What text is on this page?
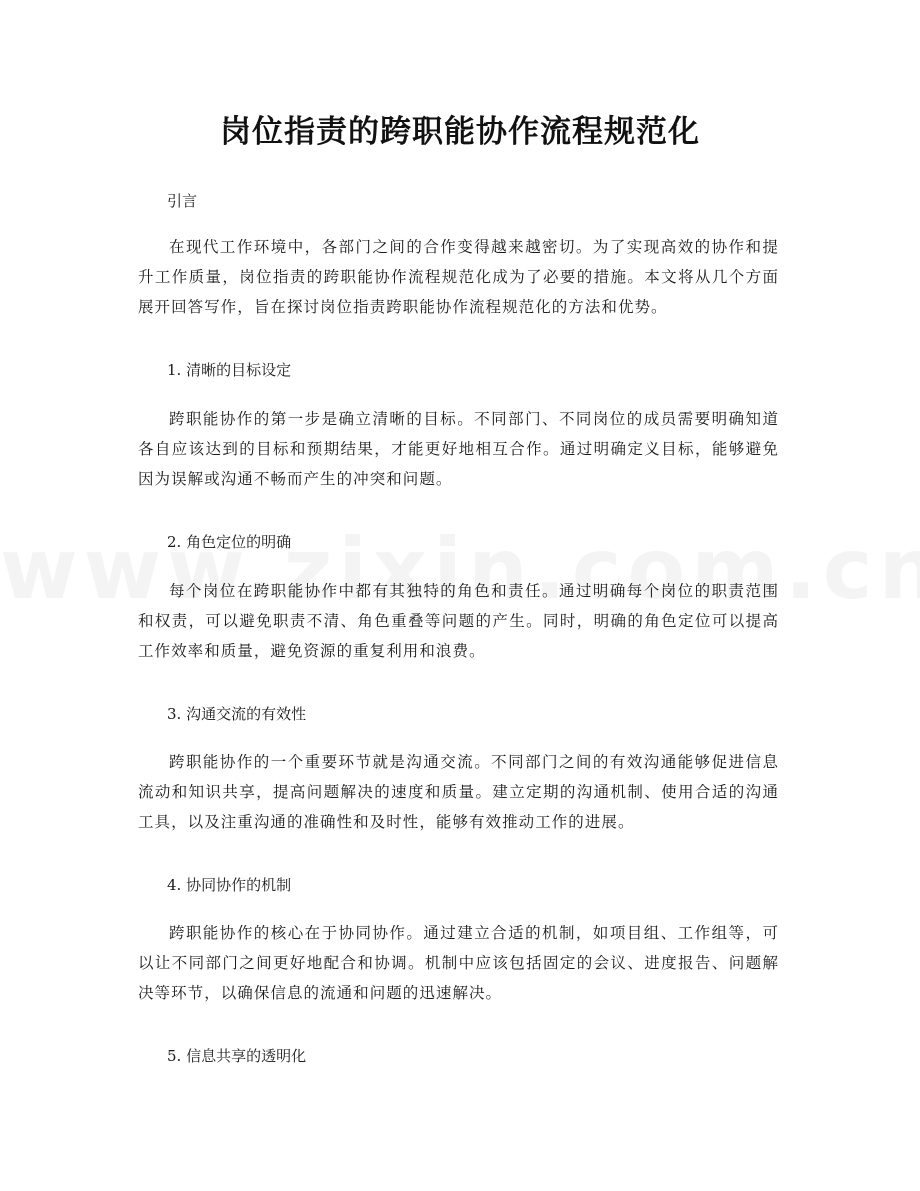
岗位指责的跨职能协作流程规范化

引言

在现代工作环境中，各部门之间的合作变得越来越密切。为了实现高效的协作和提升工作质量，岗位指责的跨职能协作流程规范化成为了必要的措施。本文将从几个方面展开回答写作，旨在探讨岗位指责跨职能协作流程规范化的方法和优势。

1. 清晰的目标设定

跨职能协作的第一步是确立清晰的目标。不同部门、不同岗位的成员需要明确知道各自应该达到的目标和预期结果，才能更好地相互合作。通过明确定义目标，能够避免因为误解或沟通不畅而产生的冲突和问题。

2. 角色定位的明确

每个岗位在跨职能协作中都有其独特的角色和责任。通过明确每个岗位的职责范围和权责，可以避免职责不清、角色重叠等问题的产生。同时，明确的角色定位可以提高工作效率和质量，避免资源的重复利用和浪费。

3. 沟通交流的有效性

跨职能协作的一个重要环节就是沟通交流。不同部门之间的有效沟通能够促进信息流动和知识共享，提高问题解决的速度和质量。建立定期的沟通机制、使用合适的沟通工具，以及注重沟通的准确性和及时性，能够有效推动工作的进展。

4. 协同协作的机制

跨职能协作的核心在于协同协作。通过建立合适的机制，如项目组、工作组等，可以让不同部门之间更好地配合和协调。机制中应该包括固定的会议、进度报告、问题解决等环节，以确保信息的流通和问题的迅速解决。

5. 信息共享的透明化
